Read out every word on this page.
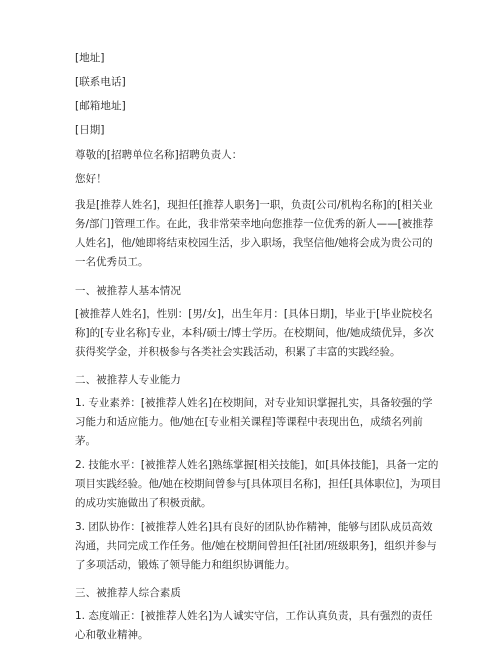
[地址]

[联系电话]

[邮箱地址]

[日期]

尊敬的[招聘单位名称]招聘负责人：

您好！

我是[推荐人姓名]，现担任[推荐人职务]一职，负责[公司/机构名称]的[相关业务/部门]管理工作。在此，我非常荣幸地向您推荐一位优秀的新人——[被推荐人姓名]，他/她即将结束校园生活，步入职场，我坚信他/她将会成为贵公司的一名优秀员工。

一、被推荐人基本情况

[被推荐人姓名]，性别：[男/女]，出生年月：[具体日期]，毕业于[毕业院校名称]的[专业名称]专业，本科/硕士/博士学历。在校期间，他/她成绩优异，多次获得奖学金，并积极参与各类社会实践活动，积累了丰富的实践经验。

二、被推荐人专业能力

1. 专业素养：[被推荐人姓名]在校期间，对专业知识掌握扎实，具备较强的学习能力和适应能力。他/她在[专业相关课程]等课程中表现出色，成绩名列前茅。

2. 技能水平：[被推荐人姓名]熟练掌握[相关技能]，如[具体技能]，具备一定的项目实践经验。他/她在校期间曾参与[具体项目名称]，担任[具体职位]，为项目的成功实施做出了积极贡献。

3. 团队协作：[被推荐人姓名]具有良好的团队协作精神，能够与团队成员高效沟通，共同完成工作任务。他/她在校期间曾担任[社团/班级职务]，组织并参与了多项活动，锻炼了领导能力和组织协调能力。

三、被推荐人综合素质

1. 态度端正：[被推荐人姓名]为人诚实守信，工作认真负责，具有强烈的责任心和敬业精神。
